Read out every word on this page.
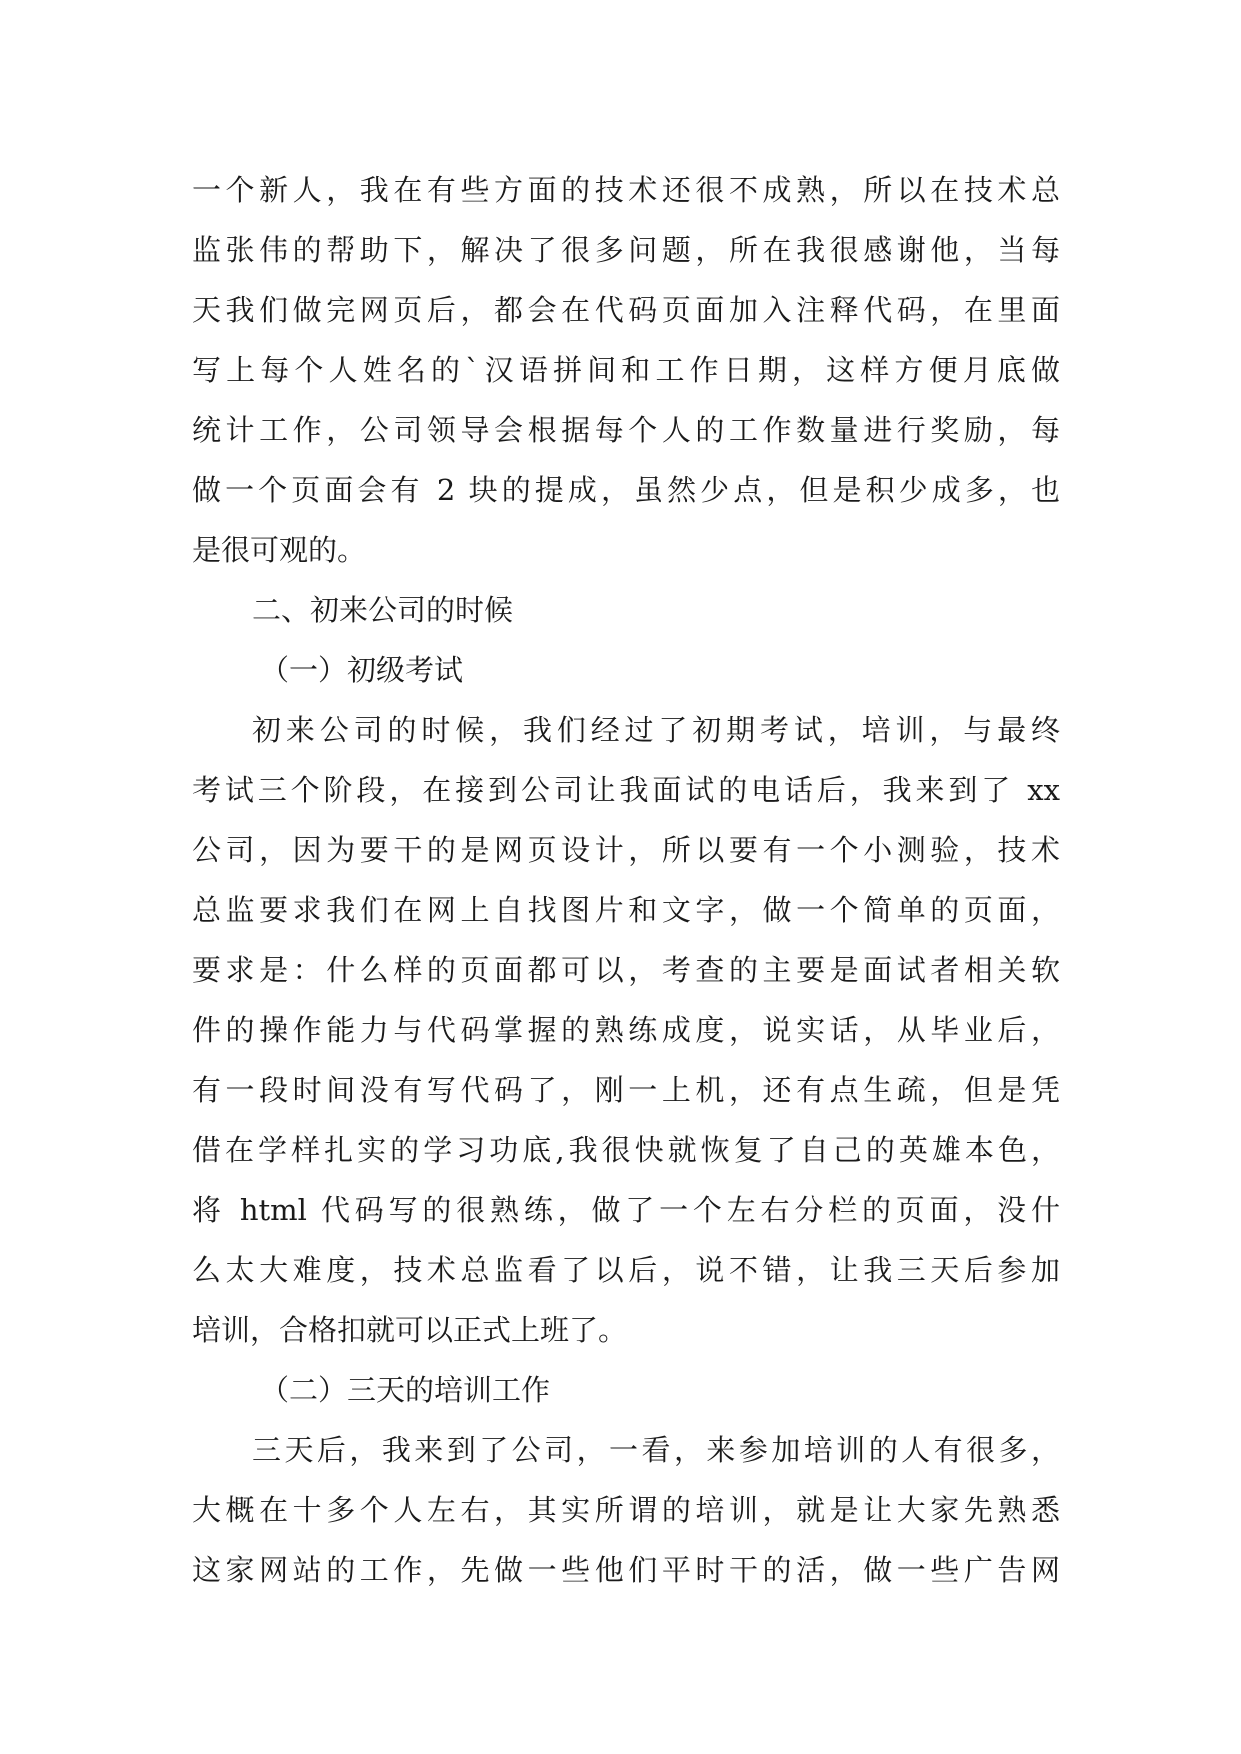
一个新人，我在有些方面的技术还很不成熟，所以在技术总
监张伟的帮助下，解决了很多问题，所在我很感谢他，当每
天我们做完网页后，都会在代码页面加入注释代码，在里面
写上每个人姓名的`汉语拼间和工作日期，这样方便月底做
统计工作，公司领导会根据每个人的工作数量进行奖励，每
做一个页面会有 2 块的提成，虽然少点，但是积少成多，也
是很可观的。
二、初来公司的时候
（一）初级考试
初来公司的时候，我们经过了初期考试，培训，与最终
考试三个阶段，在接到公司让我面试的电话后，我来到了 xx
公司，因为要干的是网页设计，所以要有一个小测验，技术
总监要求我们在网上自找图片和文字，做一个简单的页面，
要求是：什么样的页面都可以，考查的主要是面试者相关软
件的操作能力与代码掌握的熟练成度，说实话，从毕业后，
有一段时间没有写代码了，刚一上机，还有点生疏，但是凭
借在学样扎实的学习功底,我很快就恢复了自己的英雄本色，
将 html 代码写的很熟练，做了一个左右分栏的页面，没什
么太大难度，技术总监看了以后，说不错，让我三天后参加
培训，合格扣就可以正式上班了。
（二）三天的培训工作
三天后，我来到了公司，一看，来参加培训的人有很多，
大概在十多个人左右，其实所谓的培训，就是让大家先熟悉
这家网站的工作，先做一些他们平时干的活，做一些广告网
